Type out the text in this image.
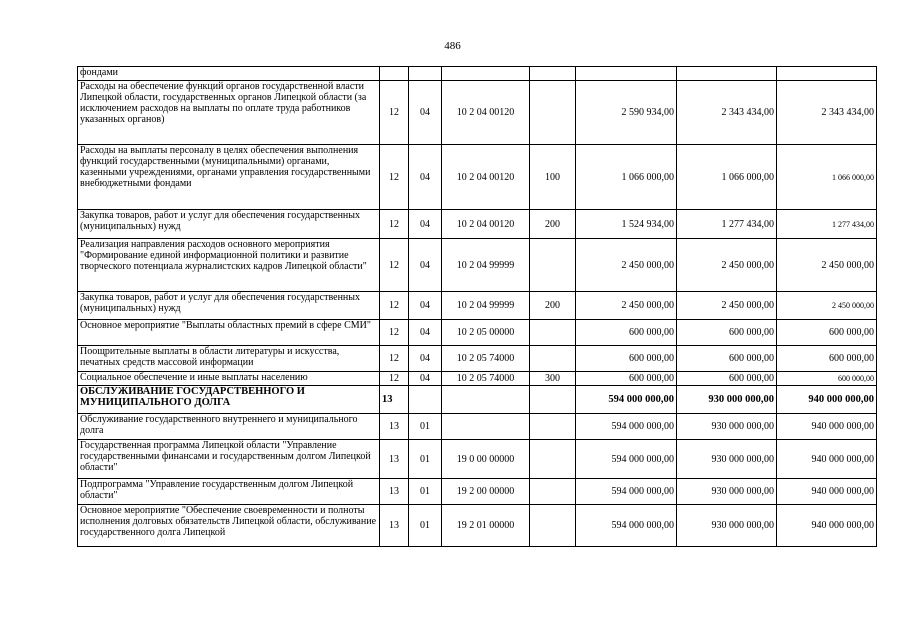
486
фондами							
Расходы на обеспечение функций органов государственной власти Липецкой области, государственных органов Липецкой области (за исключением расходов на выплаты по оплате труда работников указанных органов)	12	04	10 2 04 00120		2 590 934,00	2 343 434,00	2 343 434,00
Расходы на выплаты персоналу в целях обеспечения выполнения функций государственными (муниципальными) органами, казенными учреждениями, органами управления государственными внебюджетными фондами	12	04	10 2 04 00120	100	1 066 000,00	1 066 000,00	1 066 000,00
Закупка товаров, работ и услуг для обеспечения государственных (муниципальных) нужд	12	04	10 2 04 00120	200	1 524 934,00	1 277 434,00	1 277 434,00
Реализация направления расходов основного мероприятия "Формирование единой информационной политики и развитие творческого потенциала журналистских кадров Липецкой области"	12	04	10 2 04 99999		2 450 000,00	2 450 000,00	2 450 000,00
Закупка товаров, работ и услуг для обеспечения государственных (муниципальных) нужд	12	04	10 2 04 99999	200	2 450 000,00	2 450 000,00	2 450 000,00
Основное мероприятие "Выплаты областных премий в сфере СМИ"	12	04	10 2 05 00000		600 000,00	600 000,00	600 000,00
Поощрительные выплаты в области литературы и искусства, печатных средств массовой информации	12	04	10 2 05 74000		600 000,00	600 000,00	600 000,00
Социальное обеспечение и иные выплаты населению	12	04	10 2 05 74000	300	600 000,00	600 000,00	600 000,00
ОБСЛУЖИВАНИЕ ГОСУДАРСТВЕННОГО И МУНИЦИПАЛЬНОГО ДОЛГА	13				594 000 000,00	930 000 000,00	940 000 000,00
Обслуживание государственного внутреннего и муниципального долга	13	01			594 000 000,00	930 000 000,00	940 000 000,00
Государственная программа Липецкой области "Управление государственными финансами и государственным долгом Липецкой области"	13	01	19 0 00 00000		594 000 000,00	930 000 000,00	940 000 000,00
Подпрограмма "Управление государственным долгом Липецкой области"	13	01	19 2 00 00000		594 000 000,00	930 000 000,00	940 000 000,00
Основное мероприятие "Обеспечение своевременности и полноты исполнения долговых обязательств Липецкой области, обслуживание государственного долга Липецкой	13	01	19 2 01 00000		594 000 000,00	930 000 000,00	940 000 000,00
